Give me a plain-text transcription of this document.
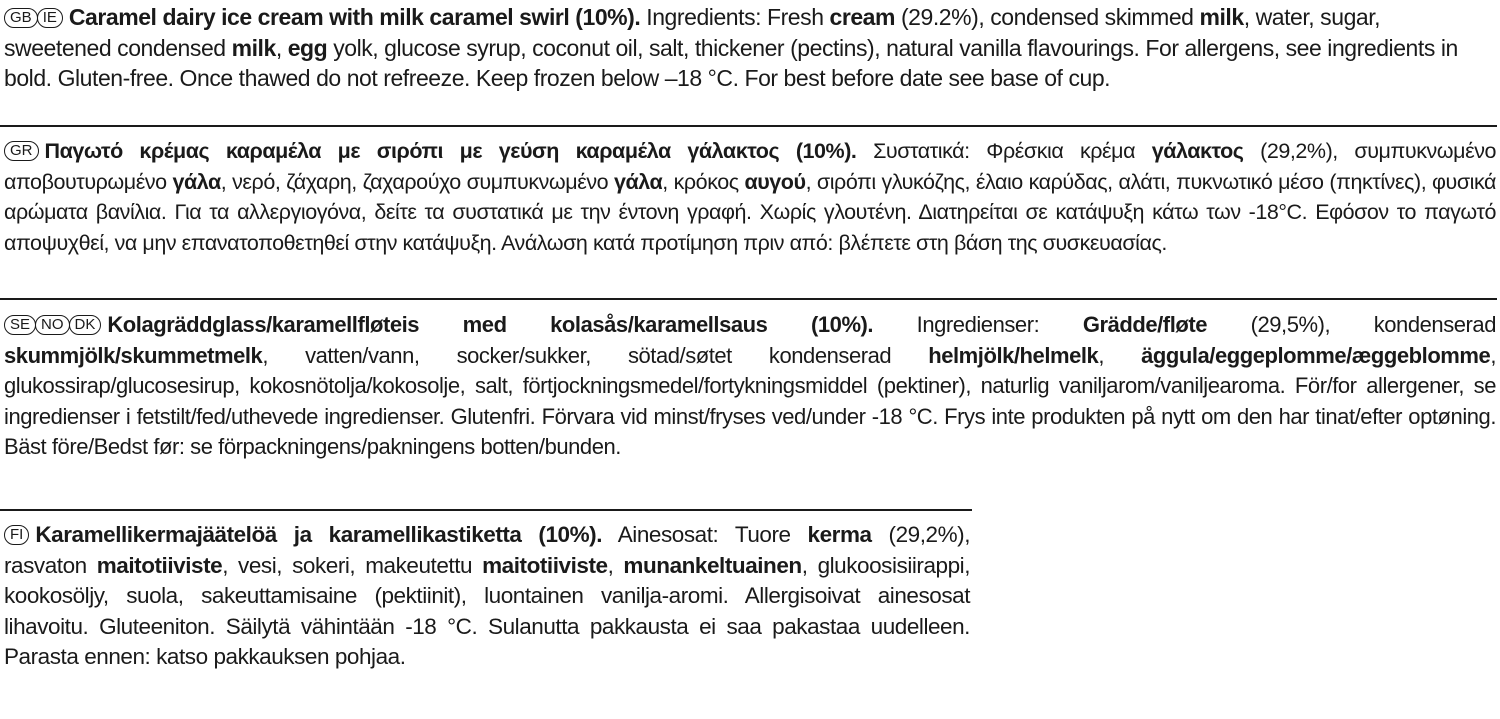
GB IE Caramel dairy ice cream with milk caramel swirl (10%). Ingredients: Fresh cream (29.2%), condensed skimmed milk, water, sugar, sweetened condensed milk, egg yolk, glucose syrup, coconut oil, salt, thickener (pectins), natural vanilla flavourings. For allergens, see ingredients in bold. Gluten-free. Once thawed do not refreeze. Keep frozen below –18 °C. For best before date see base of cup.
GR Παγωτό κρέμας καραμέλα με σιρόπι με γεύση καραμέλα γάλακτος (10%). Συστατικά: Φρέσκια κρέμα γάλακτος (29,2%), συμπυκνωμένο αποβουτυρωμένο γάλα, νερό, ζάχαρη, ζαχαρούχο συμπυκνωμένο γάλα, κρόκος αυγού, σιρόπι γλυκόζης, έλαιο καρύδας, αλάτι, πυκνωτικό μέσο (πηκτίνες), φυσικά αρώματα βανίλια. Για τα αλλεργιογόνα, δείτε τα συστατικά με την έντονη γραφή. Χωρίς γλουτένη. Διατηρείται σε κατάψυξη κάτω των -18°C. Εφόσον το παγωτό αποψυχθεί, να μην επανατοποθετηθεί στην κατάψυξη. Ανάλωση κατά προτίμηση πριν από: βλέπετε στη βάση της συσκευασίας.
SE NO DK Kolagräddglass/karamellfløteis med kolasås/karamellsaus (10%). Ingredienser: Grädde/fløte (29,5%), kondenserad skummjölk/skummetmelk, vatten/vann, socker/sukker, sötad/søtet kondenserad helmjölk/helmelk, äggula/eggeplomme/æggeblomme, glukossirap/glucosesirup, kokosnötolja/kokosolje, salt, förtjockningsmedel/fortykningsmiddel (pektiner), naturlig vaniljarom/vaniljearoma. För/for allergener, se ingredienser i fetstilt/fed/uthevede ingredienser. Glutenfri. Förvara vid minst/fryses ved/under -18 °C. Frys inte produkten på nytt om den har tinat/efter optøning. Bäst före/Bedst før: se förpackningens/pakningens botten/bunden.
FI Karamellikermajäätelöä ja karamellikastiketta (10%). Ainesosat: Tuore kerma (29,2%), rasvaton maitotiiviste, vesi, sokeri, makeutettu maitotiiviste, munankeltuainen, glukoosisiirappi, kookosöljy, suola, sakeuttamisaine (pektiinit), luontainen vanilja-aromi. Allergisoivat ainesosat lihavoitu. Gluteeniton. Säilytä vähintään -18 °C. Sulanutta pakkausta ei saa pakastaa uudelleen. Parasta ennen: katso pakkauksen pohjaa.
